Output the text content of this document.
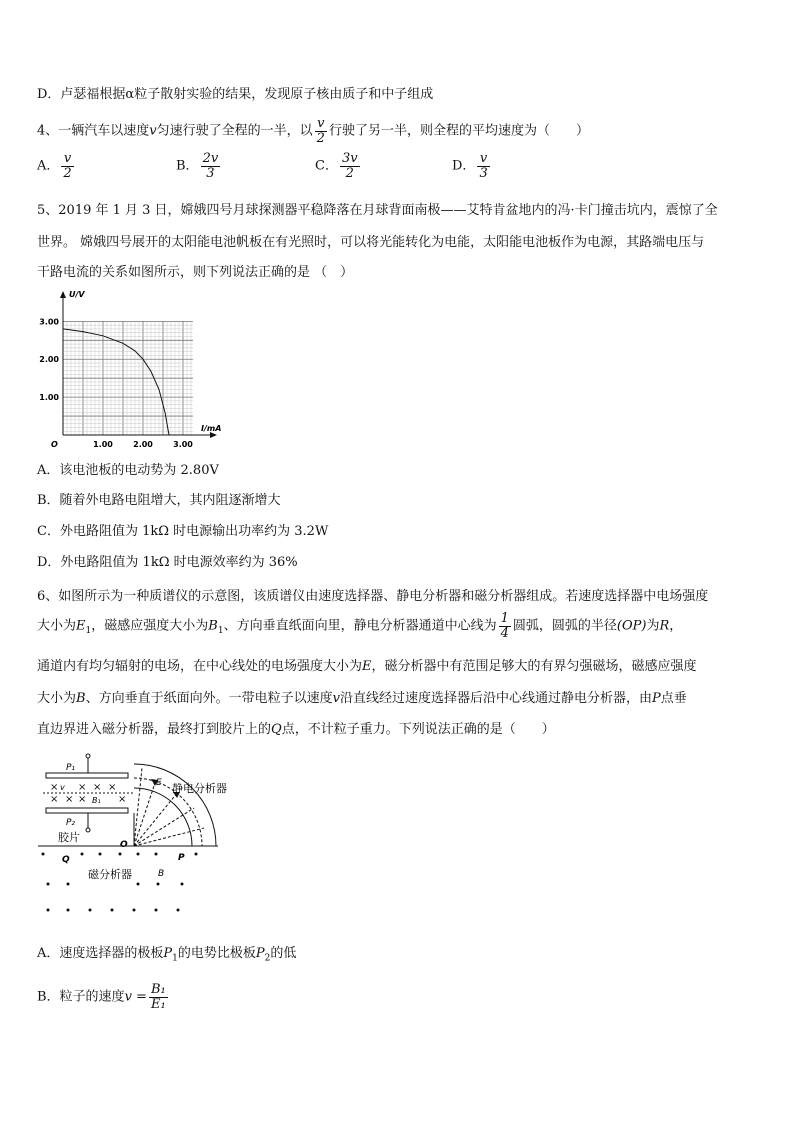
D．卢瑟福根据α粒子散射实验的结果，发现原子核由质子和中子组成
4、一辆汽车以速度v匀速行驶了全程的一半，以 $\frac{v}{2}$ 行驶了另一半，则全程的平均速度为（　　）
A． $\frac{v}{2}$	B． $\frac{2v}{3}$	C． $\frac{3v}{2}$	D． $\frac{v}{3}$
5、2019 年 1 月 3 日，嫦娥四号月球探测器平稳降落在月球背面南极——艾特肯盆地内的冯·卡门撞击坑内，震惊了全
世界。 嫦娥四号展开的太阳能电池帆板在有光照时，可以将光能转化为电能，太阳能电池板作为电源，其路端电压与
干路电流的关系如图所示，则下列说法正确的是 （　）
U/V
I/mA
O
1.00
2.00
3.00
1.00	2.00	3.00
A．该电池板的电动势为 2.80V
B．随着外电路电阻增大，其内阻逐渐增大
C．外电路阻值为 1kΩ 时电源输出功率约为 3.2W
D．外电路阻值为 1kΩ 时电源效率约为 36%
6、如图所示为一种质谱仪的示意图，该质谱仪由速度选择器、静电分析器和磁分析器组成。若速度选择器中电场强度
大小为$E_1$，磁感应强度大小为$B_1$、方向垂直纸面向里，静电分析器通道中心线为 $\frac{1}{4}$ 圆弧，圆弧的半径(OP)为R，
通道内有均匀辐射的电场，在中心线处的电场强度大小为E，磁分析器中有范围足够大的有界匀强磁场，磁感应强度
大小为B、方向垂直于纸面向外。一带电粒子以速度v沿直线经过速度选择器后沿中心线通过静电分析器，由P点垂
直边界进入磁分析器，最终打到胶片上的Q点，不计粒子重力。下列说法正确的是（　　）
× × × ×
× × ×	×
v
B₁
P₁
P₂
胶片
静电分析器
E
O
P
Q
磁分析器	B
A．速度选择器的极板$P_1$的电势比极板$P_2$的低
B．粒子的速度$v = \frac{\text{B₁}}{\text{E₁}}$
